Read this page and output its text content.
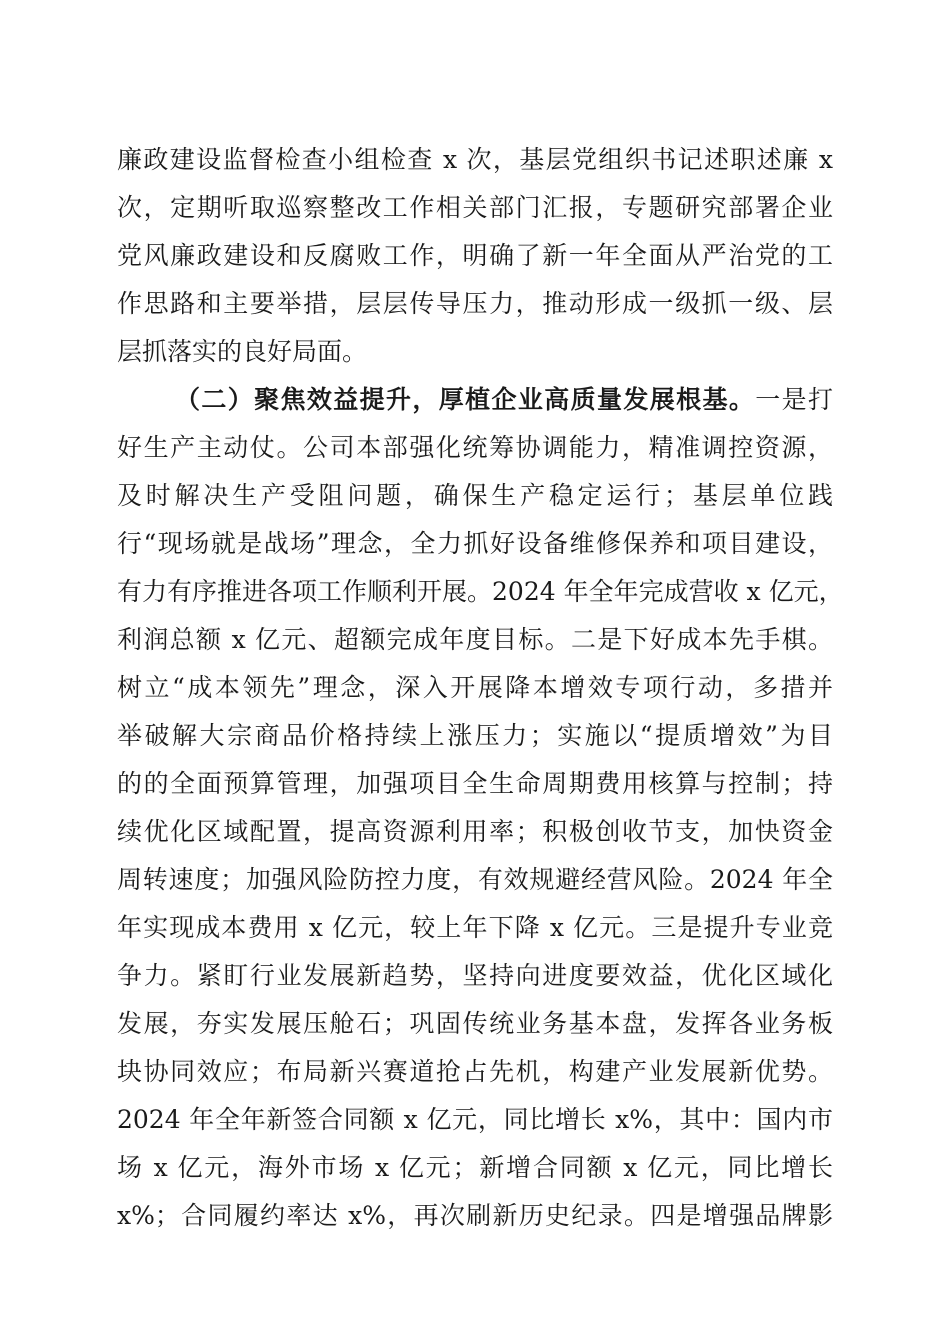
廉政建设监督检查小组检查 x 次，基层党组织书记述职述廉 x
次，定期听取巡察整改工作相关部门汇报，专题研究部署企业
党风廉政建设和反腐败工作，明确了新一年全面从严治党的工
作思路和主要举措，层层传导压力，推动形成一级抓一级、层
层抓落实的良好局面。
（二）聚焦效益提升，厚植企业高质量发展根基。一是打
好生产主动仗。公司本部强化统筹协调能力，精准调控资源，
及时解决生产受阻问题，确保生产稳定运行；基层单位践
行“现场就是战场”理念，全力抓好设备维修保养和项目建设，
有力有序推进各项工作顺利开展。2024 年全年完成营收 x 亿元，
利润总额 x 亿元、超额完成年度目标。二是下好成本先手棋。
树立“成本领先”理念，深入开展降本增效专项行动，多措并
举破解大宗商品价格持续上涨压力；实施以“提质增效”为目
的的全面预算管理，加强项目全生命周期费用核算与控制；持
续优化区域配置，提高资源利用率；积极创收节支，加快资金
周转速度；加强风险防控力度，有效规避经营风险。2024 年全
年实现成本费用 x 亿元，较上年下降 x 亿元。三是提升专业竞
争力。紧盯行业发展新趋势，坚持向进度要效益，优化区域化
发展，夯实发展压舱石；巩固传统业务基本盘，发挥各业务板
块协同效应；布局新兴赛道抢占先机，构建产业发展新优势。
2024 年全年新签合同额 x 亿元，同比增长 x%，其中：国内市
场 x 亿元，海外市场 x 亿元；新增合同额 x 亿元，同比增长
x%；合同履约率达 x%，再次刷新历史纪录。四是增强品牌影
